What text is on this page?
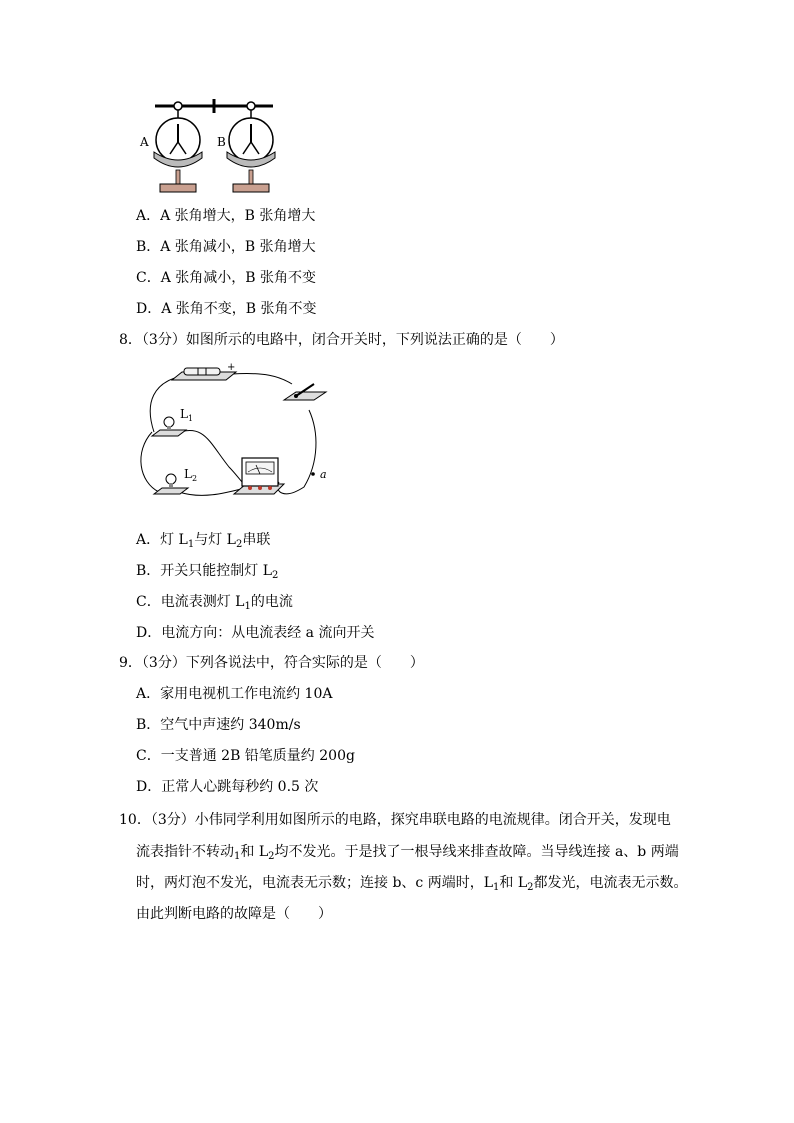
A	B
A．A 张角增大，B 张角增大
B．A 张角减小，B 张角增大
C．A 张角减小，B 张角不变
D．A 张角不变，B 张角不变
8．（3分）如图所示的电路中，闭合开关时，下列说法正确的是（　　）
+
$L_1$
$L_2$	a
A．灯 $L_1$与灯 $L_2$串联
B．开关只能控制灯 $L_2$
C．电流表测灯 $L_1$的电流
D．电流方向：从电流表经 a 流向开关
9．（3分）下列各说法中，符合实际的是（　　）
A．家用电视机工作电流约 10A
B．空气中声速约 340m/s
C．一支普通 2B 铅笔质量约 200g
D．正常人心跳每秒约 0.5 次
10．（3分）小伟同学利用如图所示的电路，探究串联电路的电流规律。闭合开关，发现电
流表指针不转动$_1$和 $L_2$均不发光。于是找了一根导线来排查故障。当导线连接 a、b 两端
时，两灯泡不发光，电流表无示数；连接 b、c 两端时，$L_1$和 $L_2$都发光，电流表无示数。
由此判断电路的故障是（　　）
